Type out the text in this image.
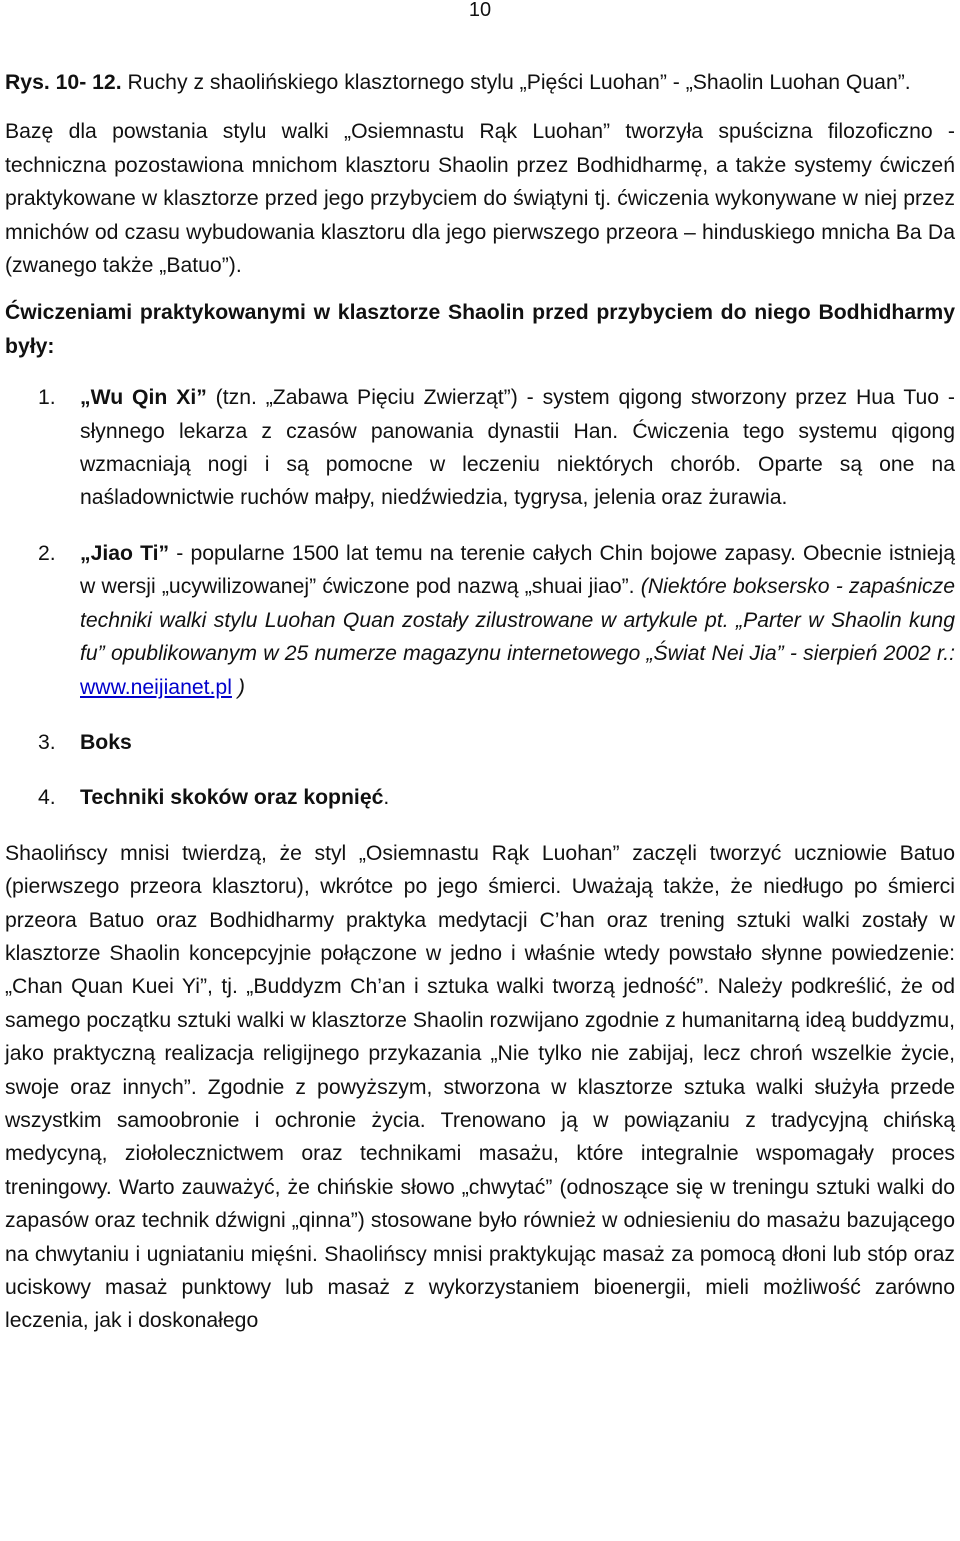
10

Rys. 10- 12. Ruchy z shaolińskiego klasztornego stylu „Pięści Luohan” - „Shaolin Luohan Quan”.

Bazę dla powstania stylu walki „Osiemnastu Rąk Luohan” tworzyła spuścizna filozoficzno - techniczna pozostawiona mnichom klasztoru Shaolin przez Bodhidharmę, a także systemy ćwiczeń praktykowane w klasztorze przed jego przybyciem do świątyni tj. ćwiczenia wykonywane w niej przez mnichów od czasu wybudowania klasztoru dla jego pierwszego przeora – hinduskiego mnicha Ba Da (zwanego także „Batuo”).

Ćwiczeniami praktykowanymi w klasztorze Shaolin przed przybyciem do niego Bodhidharmy były:

1. „Wu Qin Xi” (tzn. „Zabawa Pięciu Zwierząt”) - system qigong stworzony przez Hua Tuo - słynnego lekarza z czasów panowania dynastii Han. Ćwiczenia tego systemu qigong wzmacniają nogi i są pomocne w leczeniu niektórych chorób. Oparte są one na naśladownictwie ruchów małpy, niedźwiedzia, tygrysa, jelenia oraz żurawia.
2. „Jiao Ti” - popularne 1500 lat temu na terenie całych Chin bojowe zapasy. Obecnie istnieją w wersji „ucywilizowanej” ćwiczone pod nazwą „shuai jiao”. (Niektóre boksersko - zapaśnicze techniki walki stylu Luohan Quan zostały zilustrowane w artykule pt. „Parter w Shaolin kung fu” opublikowanym w 25 numerze magazynu internetowego „Świat Nei Jia” - sierpień 2002 r.: www.neijianet.pl )
3. Boks
4. Techniki skoków oraz kopnięć.

Shaolińscy mnisi twierdzą, że styl „Osiemnastu Rąk Luohan” zaczęli tworzyć uczniowie Batuo (pierwszego przeora klasztoru), wkrótce po jego śmierci. Uważają także, że niedługo po śmierci przeora Batuo oraz Bodhidharmy praktyka medytacji C’han oraz trening sztuki walki zostały w klasztorze Shaolin koncepcyjnie połączone w jedno i właśnie wtedy powstało słynne powiedzenie: „Chan Quan Kuei Yi”, tj. „Buddyzm Ch’an i sztuka walki tworzą jedność”. Należy podkreślić, że od samego początku sztuki walki w klasztorze Shaolin rozwijano zgodnie z humanitarną ideą buddyzmu, jako praktyczną realizacja religijnego przykazania „Nie tylko nie zabijaj, lecz chroń wszelkie życie, swoje oraz innych”. Zgodnie z powyższym, stworzona w klasztorze sztuka walki służyła przede wszystkim samoobronie i ochronie życia. Trenowano ją w powiązaniu z tradycyjną chińską medycyną, ziołolecznictwem oraz technikami masażu, które integralnie wspomagały proces treningowy. Warto zauważyć, że chińskie słowo „chwytać” (odnoszące się w treningu sztuki walki do zapasów oraz technik dźwigni „qinna”) stosowane było również w odniesieniu do masażu bazującego na chwytaniu i ugniataniu mięśni. Shaolińscy mnisi praktykując masaż za pomocą dłoni lub stóp oraz uciskowy masaż punktowy lub masaż z wykorzystaniem bioenergii, mieli możliwość zarówno leczenia, jak i doskonałego
